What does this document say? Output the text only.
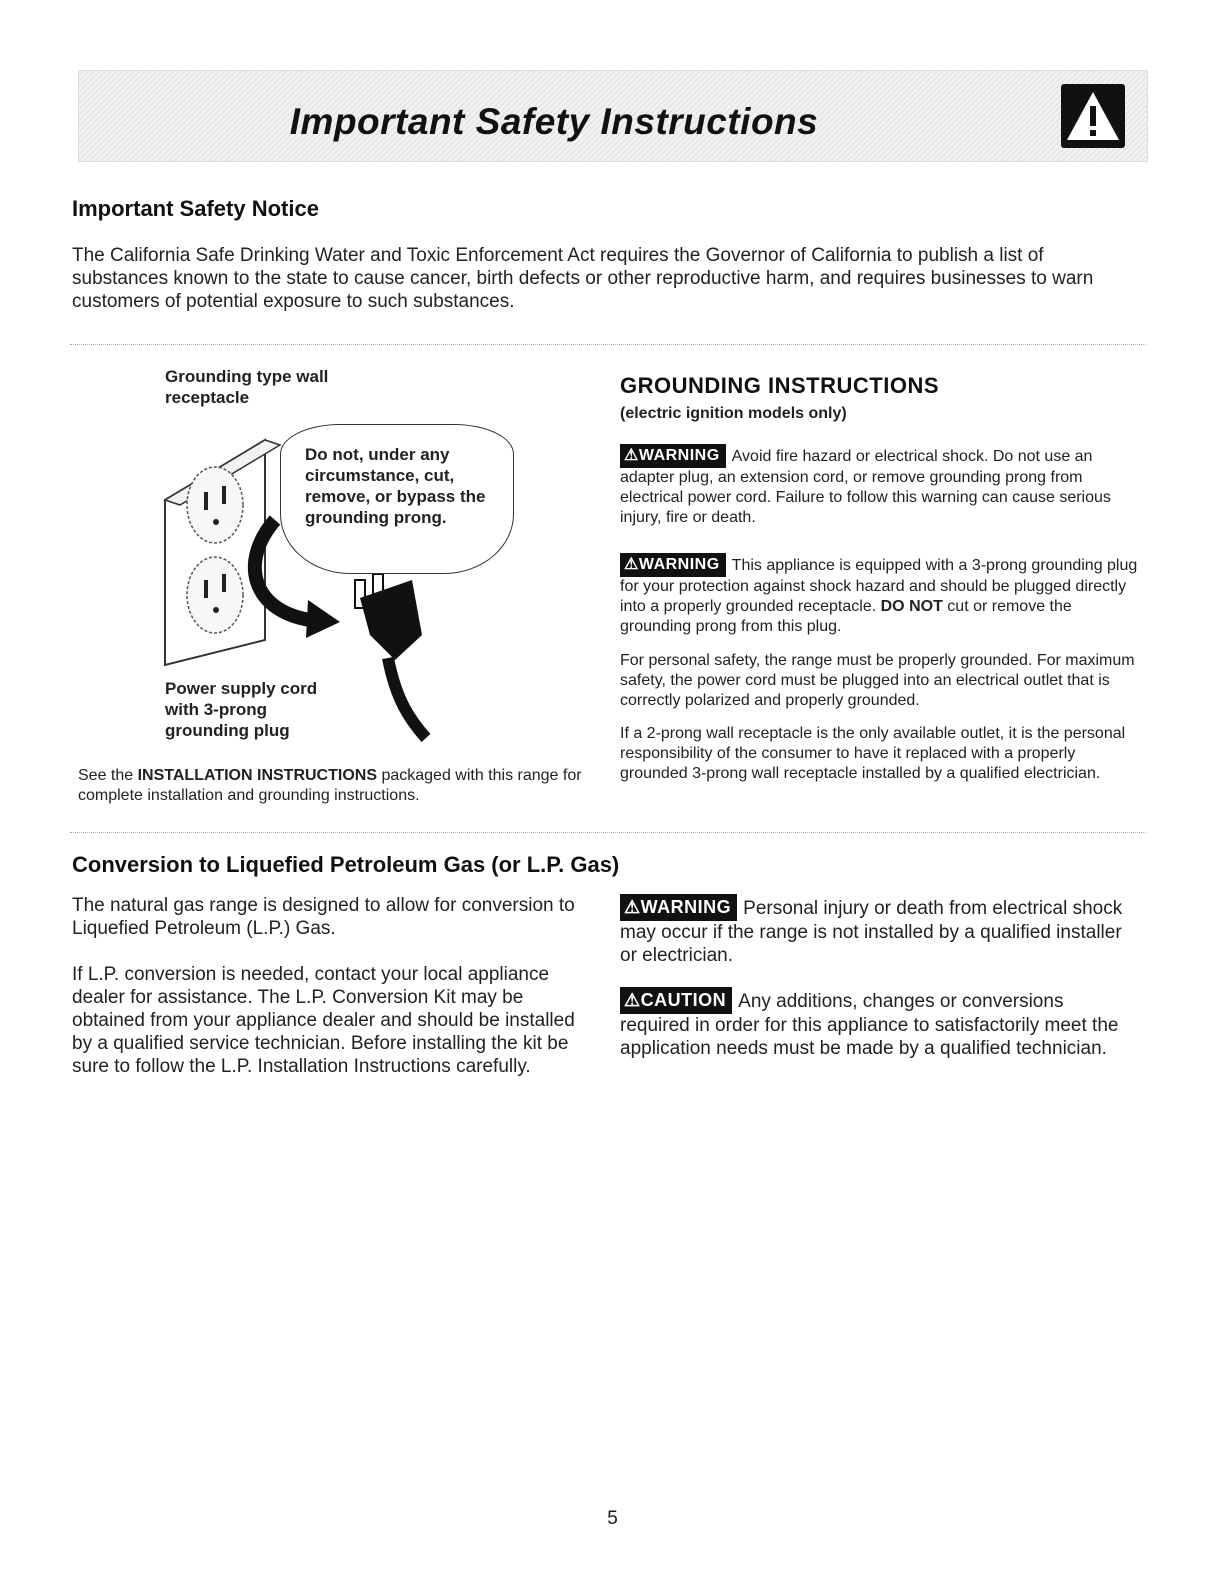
Important Safety Instructions
Important Safety Notice
The California Safe Drinking Water and Toxic Enforcement Act requires the Governor of California to publish a list of substances known to the state to cause cancer, birth defects or other reproductive harm, and requires businesses to warn customers of potential exposure to such substances.
Grounding type wall receptacle
Do not, under any circumstance, cut, remove, or bypass the grounding prong.
Power supply cord with 3-prong grounding plug
See the INSTALLATION INSTRUCTIONS packaged with this range for complete installation and grounding instructions.
GROUNDING INSTRUCTIONS
(electric ignition models only)
⚠WARNING Avoid fire hazard or electrical shock. Do not use an adapter plug, an extension cord, or remove grounding prong from electrical power cord. Failure to follow this warning can cause serious injury, fire or death.
⚠WARNING This appliance is equipped with a 3-prong grounding plug for your protection against shock hazard and should be plugged directly into a properly grounded receptacle. DO NOT cut or remove the grounding prong from this plug.
For personal safety, the range must be properly grounded. For maximum safety, the power cord must be plugged into an electrical outlet that is correctly polarized and properly grounded.
If a 2-prong wall receptacle is the only available outlet, it is the personal responsibility of the consumer to have it replaced with a properly grounded 3-prong wall receptacle installed by a qualified electrician.
Conversion to Liquefied Petroleum Gas (or L.P. Gas)
The natural gas range is designed to allow for conversion to Liquefied Petroleum (L.P.) Gas.
If L.P. conversion is needed, contact your local appliance dealer for assistance. The L.P. Conversion Kit may be obtained from your appliance dealer and should be installed by a qualified service technician. Before installing the kit be sure to follow the L.P. Installation Instructions carefully.
⚠WARNING Personal injury or death from electrical shock may occur if the range is not installed by a qualified installer or electrician.
⚠CAUTION Any additions, changes or conversions required in order for this appliance to satisfactorily meet the application needs must be made by a qualified technician.
5
